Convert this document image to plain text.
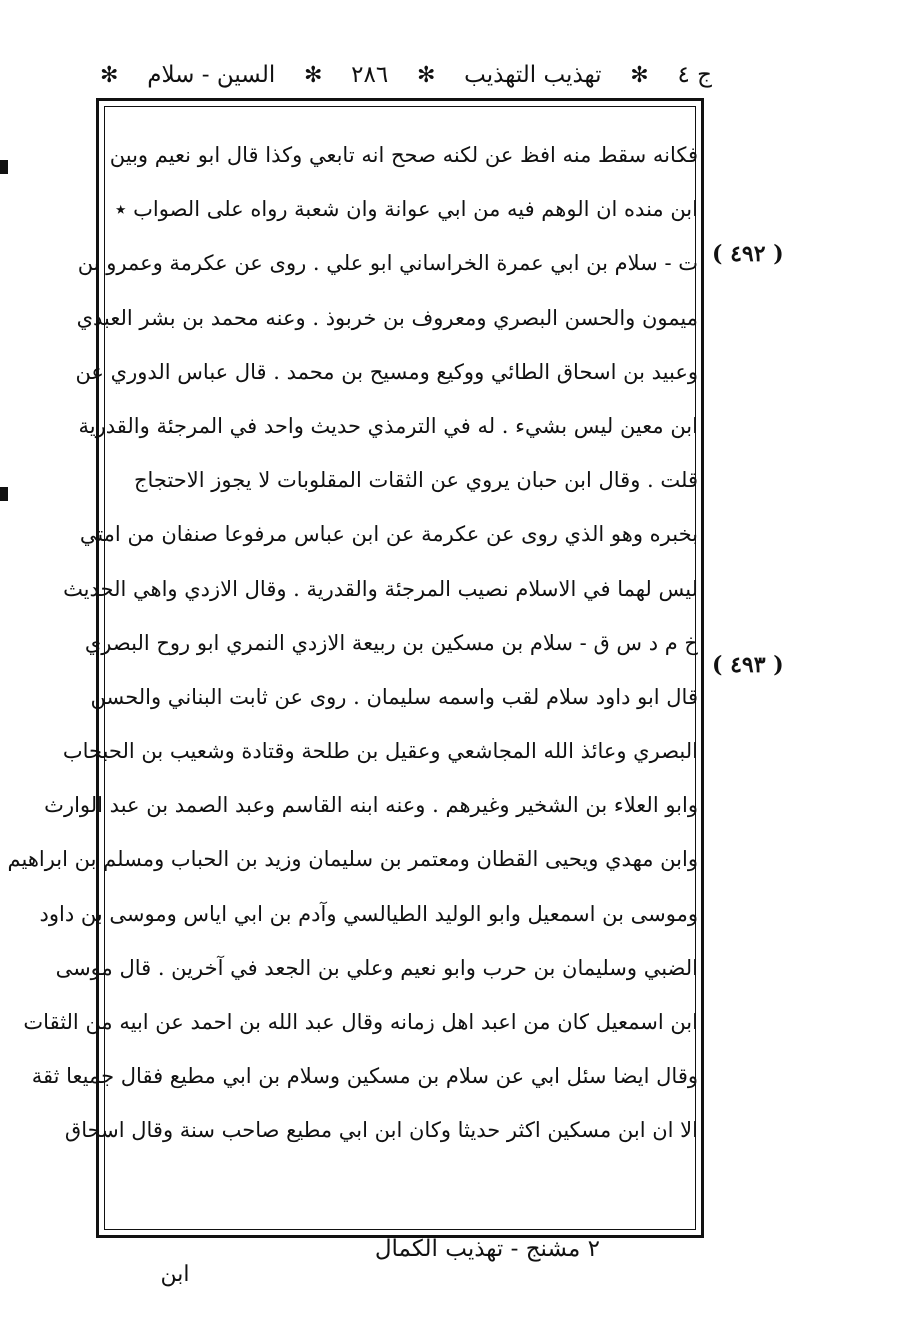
ج ٤
✻
تهذيب التهذيب
✻
٢٨٦
✻
السين - سلام
✻
فكانه سقط منه افظ عن لكنه صحح انه تابعي وكذا قال ابو نعيم وبين
ابن منده ان الوهم فيه من ابي عوانة وان شعبة رواه على الصواب ٭
ت - سلام بن ابي عمرة الخراساني ابو علي . روى عن عكرمة وعمرو بن
ميمون والحسن البصري ومعروف بن خربوذ . وعنه محمد بن بشر العبدي
وعبيد بن اسحاق الطائي ووكيع ومسيح بن محمد . قال عباس الدوري عن
ابن معين ليس بشيء . له في الترمذي حديث واحد في المرجئة والقدرية
قلت . وقال ابن حبان يروي عن الثقات المقلوبات لا يجوز الاحتجاج
بخبره وهو الذي روى عن عكرمة عن ابن عباس مرفوعا صنفان من امتي
ليس لهما في الاسلام نصيب المرجئة والقدرية . وقال الازدي واهي الحديث
خ م د س ق - سلام بن مسكين بن ربيعة الازدي النمري ابو روح البصري
قال ابو داود سلام لقب واسمه سليمان . روى عن ثابت البناني والحسن
البصري وعائذ الله المجاشعي وعقيل بن طلحة وقتادة وشعيب بن الحبحاب
وابو العلاء بن الشخير وغيرهم . وعنه ابنه القاسم وعبد الصمد بن عبد الوارث
وابن مهدي ويحيى القطان ومعتمر بن سليمان وزيد بن الحباب ومسلم بن ابراهيم
وموسى بن اسمعيل وابو الوليد الطيالسي وآدم بن ابي اياس وموسى بن داود
الضبي وسليمان بن حرب وابو نعيم وعلي بن الجعد في آخرين . قال موسى
ابن اسمعيل كان من اعبد اهل زمانه وقال عبد الله بن احمد عن ابيه من الثقات
وقال ايضا سئل ابي عن سلام بن مسكين وسلام بن ابي مطيع فقال جميعا ثقة
الا ان ابن مسكين اكثر حديثا وكان ابن ابي مطيع صاحب سنة وقال اسحاق
( ٤٩٢ )
( ٤٩٣ )
٢ مشنج - تهذيب الكمال
ابن
